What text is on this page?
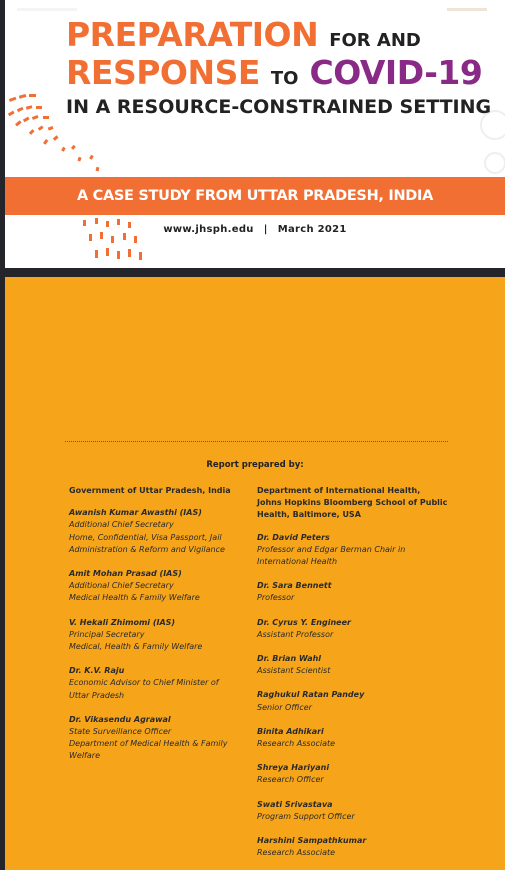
PREPARATION FOR AND
RESPONSE TO COVID-19
IN A RESOURCE-CONSTRAINED SETTING
A CASE STUDY FROM UTTAR PRADESH, INDIA
www.jhsph.edu | March 2021
Report prepared by:
Government of Uttar Pradesh, India
Awanish Kumar Awasthi (IAS)
Additional Chief Secretary
Home, Confidential, Visa Passport, Jail
Administration & Reform and Vigilance
Amit Mohan Prasad (IAS)
Additional Chief Secretary
Medical Health & Family Welfare
V. Hekali Zhimomi (IAS)
Principal Secretary
Medical, Health & Family Welfare
Dr. K.V. Raju
Economic Advisor to Chief Minister of
Uttar Pradesh
Dr. Vikasendu Agrawal
State Surveillance Officer
Department of Medical Health & Family
Welfare
Department of International Health,
Johns Hopkins Bloomberg School of Public
Health, Baltimore, USA
Dr. David Peters
Professor and Edgar Berman Chair in
International Health
Dr. Sara Bennett
Professor
Dr. Cyrus Y. Engineer
Assistant Professor
Dr. Brian Wahl
Assistant Scientist
Raghukul Ratan Pandey
Senior Officer
Binita Adhikari
Research Associate
Shreya Hariyani
Research Officer
Swati Srivastava
Program Support Officer
Harshini Sampathkumar
Research Associate
